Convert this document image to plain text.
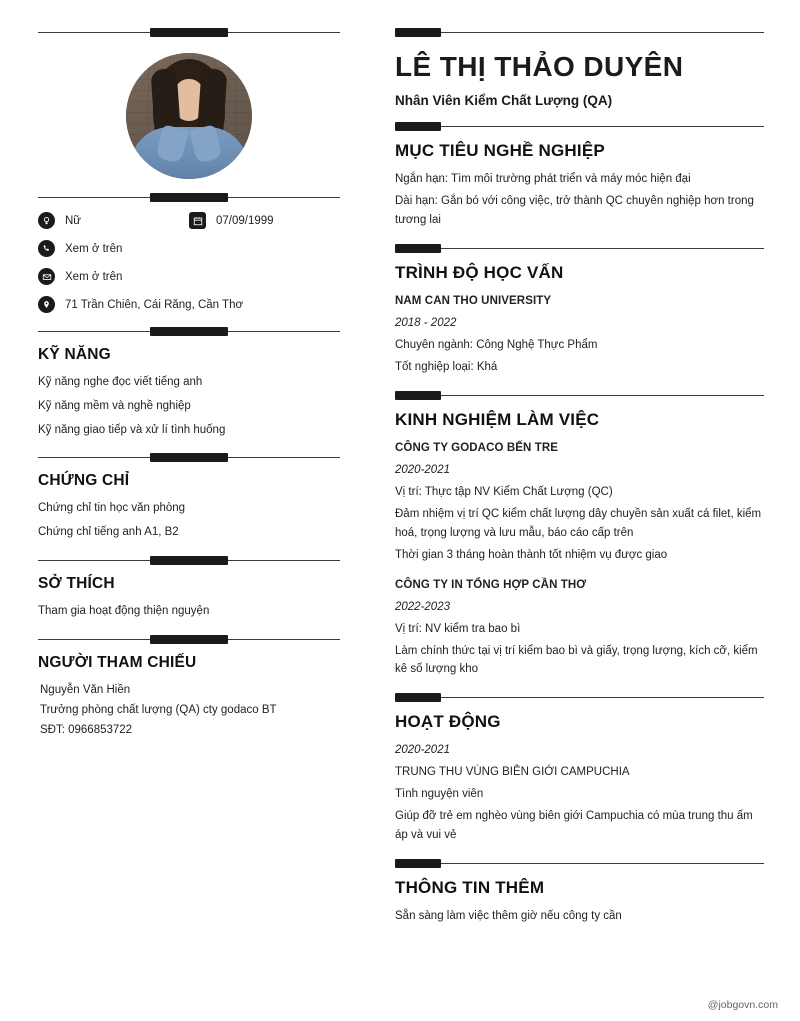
Nữ	07/09/1999
Xem ở trên
Xem ở trên
71 Trần Chiên, Cái Răng, Cần Thơ
KỸ NĂNG

Kỹ năng nghe đọc viết tiếng anh

Kỹ năng mềm và nghề nghiệp

Kỹ năng giao tiếp và xử lí tình huống

CHỨNG CHỈ

Chứng chỉ tin học văn phòng

Chứng chỉ tiếng anh A1, B2

SỞ THÍCH

Tham gia hoạt động thiện nguyện

NGƯỜI THAM CHIẾU

Nguyễn Văn Hiền

Trưởng phòng chất lượng (QA) cty godaco BT

SĐT: 0966853722

LÊ THỊ THẢO DUYÊN

Nhân Viên Kiểm Chất Lượng (QA)

MỤC TIÊU NGHỀ NGHIỆP

Ngắn hạn: Tìm môi trường phát triển và máy móc hiện đại

Dài hạn: Gắn bó với công việc, trở thành QC chuyên nghiệp hơn trong tương lai

TRÌNH ĐỘ HỌC VẤN

NAM CAN THO UNIVERSITY

2018 - 2022

Chuyên ngành: Công Nghệ Thực Phẩm

Tốt nghiệp loại: Khá

KINH NGHIỆM LÀM VIỆC

CÔNG TY GODACO BẾN TRE

2020-2021

Vị trí: Thực tập NV Kiểm Chất Lượng (QC)

Đảm nhiệm vị trí QC kiểm chất lượng dây chuyền sản xuất cá filet, kiểm hoá, trọng lượng và lưu mẫu, báo cáo cấp trên

Thời gian 3 tháng hoàn thành tốt nhiệm vụ được giao

CÔNG TY IN TỔNG HỢP CẦN THƠ

2022-2023

Vị trí: NV kiểm tra bao bì

Làm chính thức tại vị trí kiểm bao bì và giấy, trọng lượng, kích cỡ, kiểm kê số lượng kho

HOẠT ĐỘNG

2020-2021

TRUNG THU VÙNG BIÊN GIỚI CAMPUCHIA

Tình nguyện viên

Giúp đỡ trẻ em nghèo vùng biên giới Campuchia có mùa trung thu ấm áp và vui vẻ

THÔNG TIN THÊM

Sẵn sàng làm việc thêm giờ nếu công ty cần

@jobgovn.com
